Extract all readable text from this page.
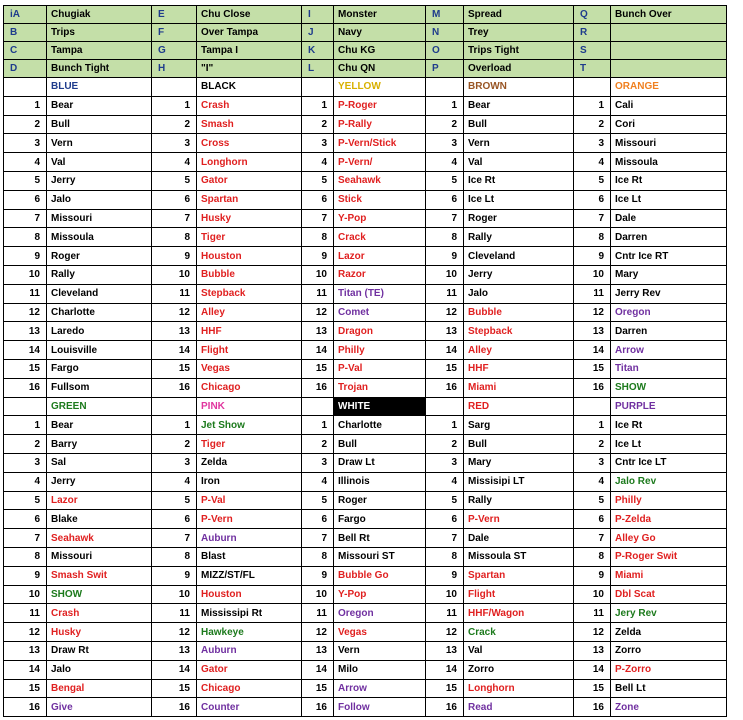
iA	Chugiak	E	Chu Close	I	Monster	M	Spread	Q	Bunch Over
B	Trips	F	Over Tampa	J	Navy	N	Trey	R	
C	Tampa	G	Tampa I	K	Chu KG	O	Trips Tight	S	
D	Bunch Tight	H	"I"	L	Chu QN	P	Overload	T	
	BLUE		BLACK		YELLOW		BROWN		ORANGE
1	Bear	1	Crash	1	P-Roger	1	Bear	1	Cali
2	Bull	2	Smash	2	P-Rally	2	Bull	2	Cori
3	Vern	3	Cross	3	P-Vern/Stick	3	Vern	3	Missouri
4	Val	4	Longhorn	4	P-Vern/	4	Val	4	Missoula
5	Jerry	5	Gator	5	Seahawk	5	Ice Rt	5	Ice Rt
6	Jalo	6	Spartan	6	Stick	6	Ice Lt	6	Ice Lt
7	Missouri	7	Husky	7	Y-Pop	7	Roger	7	Dale
8	Missoula	8	Tiger	8	Crack	8	Rally	8	Darren
9	Roger	9	Houston	9	Lazor	9	Cleveland	9	Cntr Ice RT
10	Rally	10	Bubble	10	Razor	10	Jerry	10	Mary
11	Cleveland	11	Stepback	11	Titan (TE)	11	Jalo	11	Jerry Rev
12	Charlotte	12	Alley	12	Comet	12	Bubble	12	Oregon
13	Laredo	13	HHF	13	Dragon	13	Stepback	13	Darren
14	Louisville	14	Flight	14	Philly	14	Alley	14	Arrow
15	Fargo	15	Vegas	15	P-Val	15	HHF	15	Titan
16	Fullsom	16	Chicago	16	Trojan	16	Miami	16	SHOW
	GREEN		PINK		WHITE		RED		PURPLE
1	Bear	1	Jet Show	1	Charlotte	1	Sarg	1	Ice Rt
2	Barry	2	Tiger	2	Bull	2	Bull	2	Ice Lt
3	Sal	3	Zelda	3	Draw Lt	3	Mary	3	Cntr Ice LT
4	Jerry	4	Iron	4	Illinois	4	Missisipi LT	4	Jalo Rev
5	Lazor	5	P-Val	5	Roger	5	Rally	5	Philly
6	Blake	6	P-Vern	6	Fargo	6	P-Vern	6	P-Zelda
7	Seahawk	7	Auburn	7	Bell Rt	7	Dale	7	Alley Go
8	Missouri	8	Blast	8	Missouri ST	8	Missoula ST	8	P-Roger Swit
9	Smash Swit	9	MIZZ/ST/FL	9	Bubble Go	9	Spartan	9	Miami
10	SHOW	10	Houston	10	Y-Pop	10	Flight	10	Dbl Scat
11	Crash	11	Mississipi Rt	11	Oregon	11	HHF/Wagon	11	Jery Rev
12	Husky	12	Hawkeye	12	Vegas	12	Crack	12	Zelda
13	Draw Rt	13	Auburn	13	Vern	13	Val	13	Zorro
14	Jalo	14	Gator	14	Milo	14	Zorro	14	P-Zorro
15	Bengal	15	Chicago	15	Arrow	15	Longhorn	15	Bell Lt
16	Give	16	Counter	16	Follow	16	Read	16	Zone
